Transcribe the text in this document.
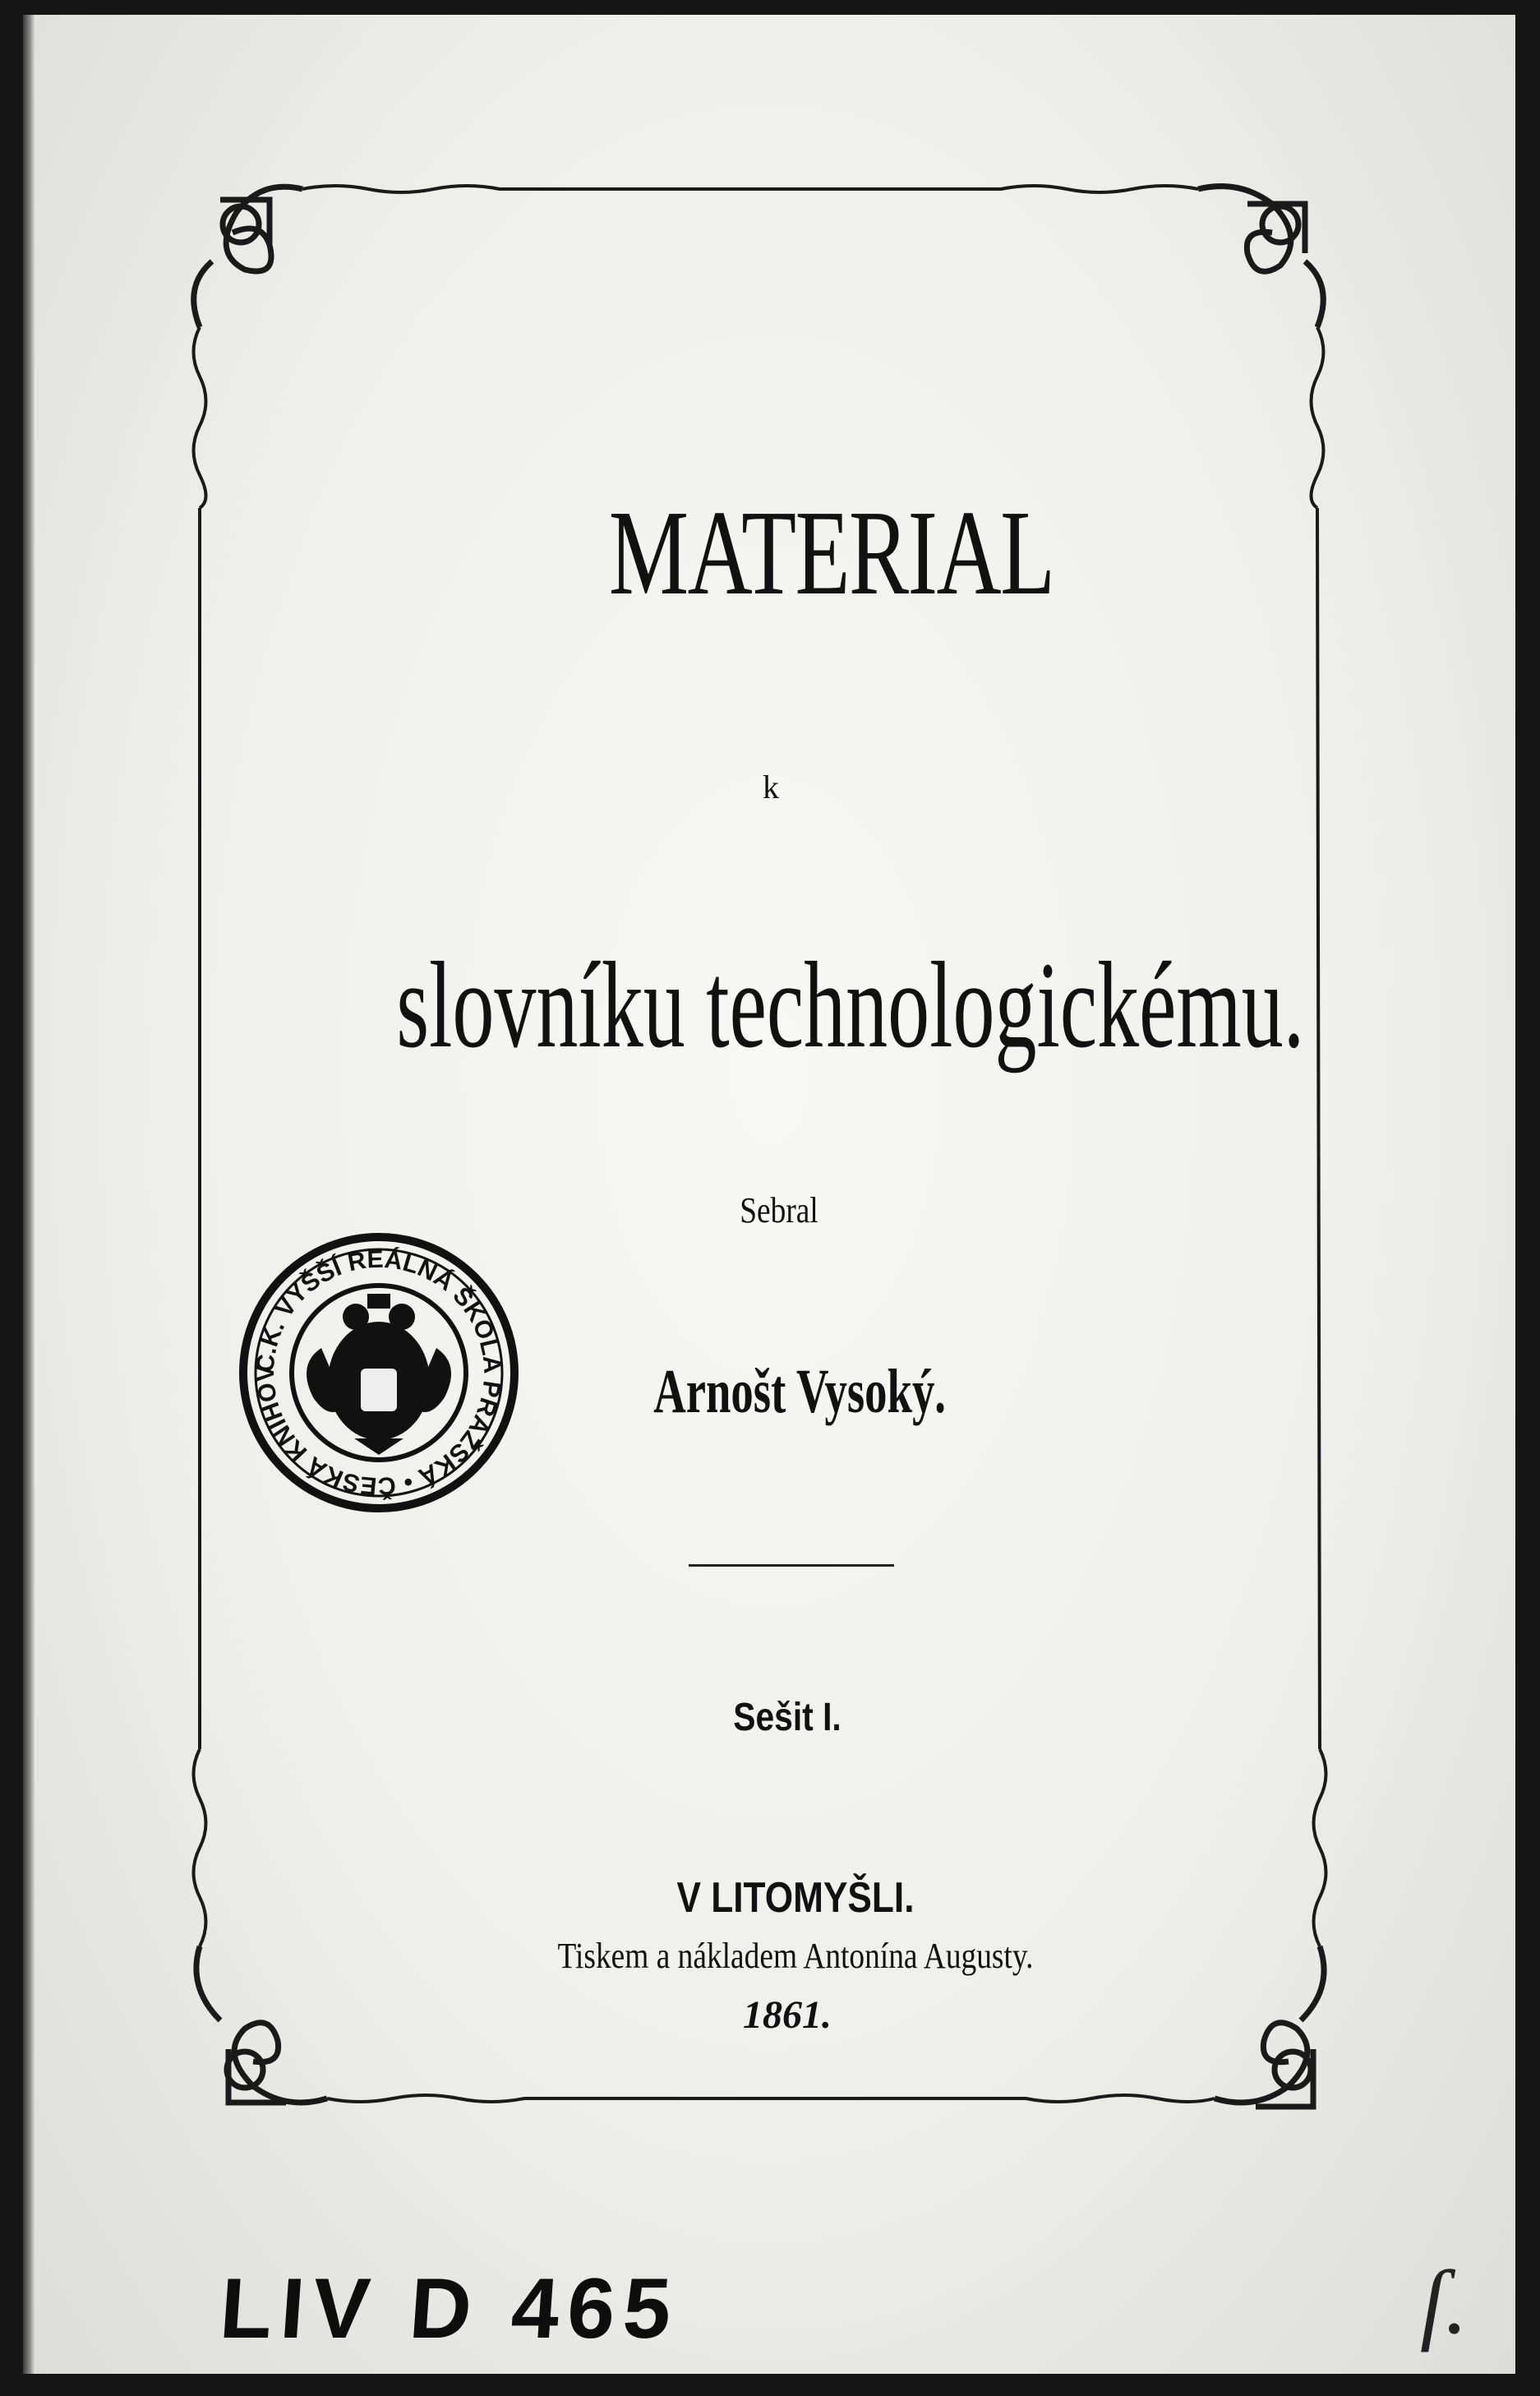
C.K. VYŠŠÍ REÁLNÁ ŠKOLA PRAŽSKÁ • ČESKÁ KNIHOV
MATERIAL
k
slovníku technologickému.
Sebral
Arnošt Vysoký.
Sešit I.
V LITOMYŠLI.
Tiskem a nákladem Antonína Augusty.
1861.
LIV D 465	ſ.
